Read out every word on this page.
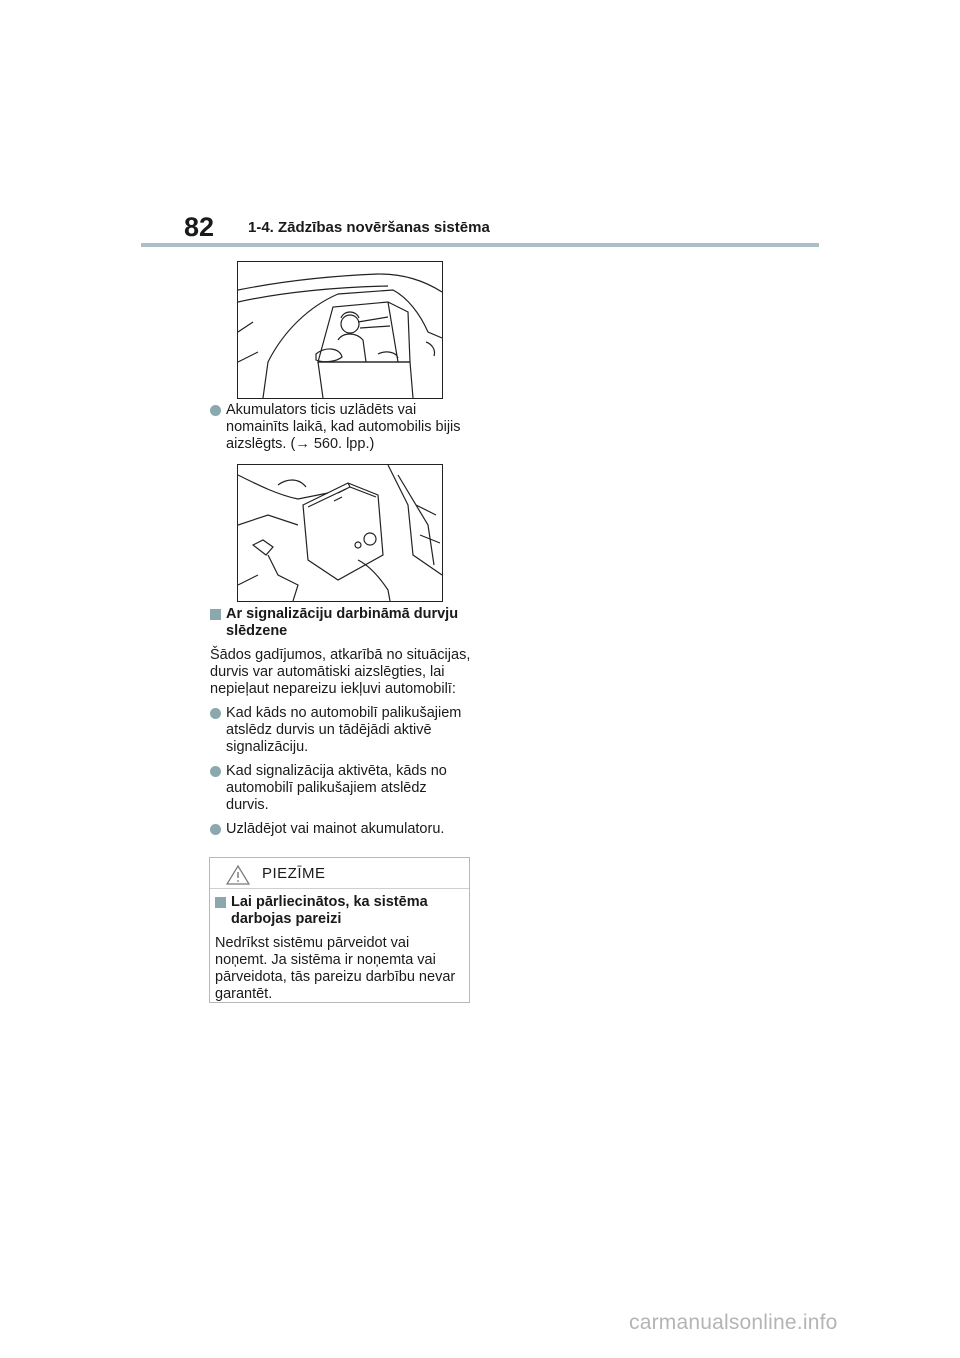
82 1-4. Zādzības novēršanas sistēma
Akumulators ticis uzlādēts vai nomainīts laikā, kad automobilis bijis aizslēgts. (→ 560. lpp.)
Ar signalizāciju darbināmā durvju slēdzene
Šādos gadījumos, atkarībā no situācijas, durvis var automātiski aizslēgties, lai nepieļaut nepareizu iekļuvi automobilī:
Kad kāds no automobilī palikušajiem atslēdz durvis un tādējādi aktivē signalizāciju.
Kad signalizācija aktivēta, kāds no automobilī palikušajiem atslēdz durvis.
Uzlādējot vai mainot akumulatoru.
PIEZĪME
Lai pārliecinātos, ka sistēma darbojas pareizi
Nedrīkst sistēmu pārveidot vai noņemt. Ja sistēma ir noņemta vai pārveidota, tās pareizu darbību nevar garantēt.
carmanualsonline.info
